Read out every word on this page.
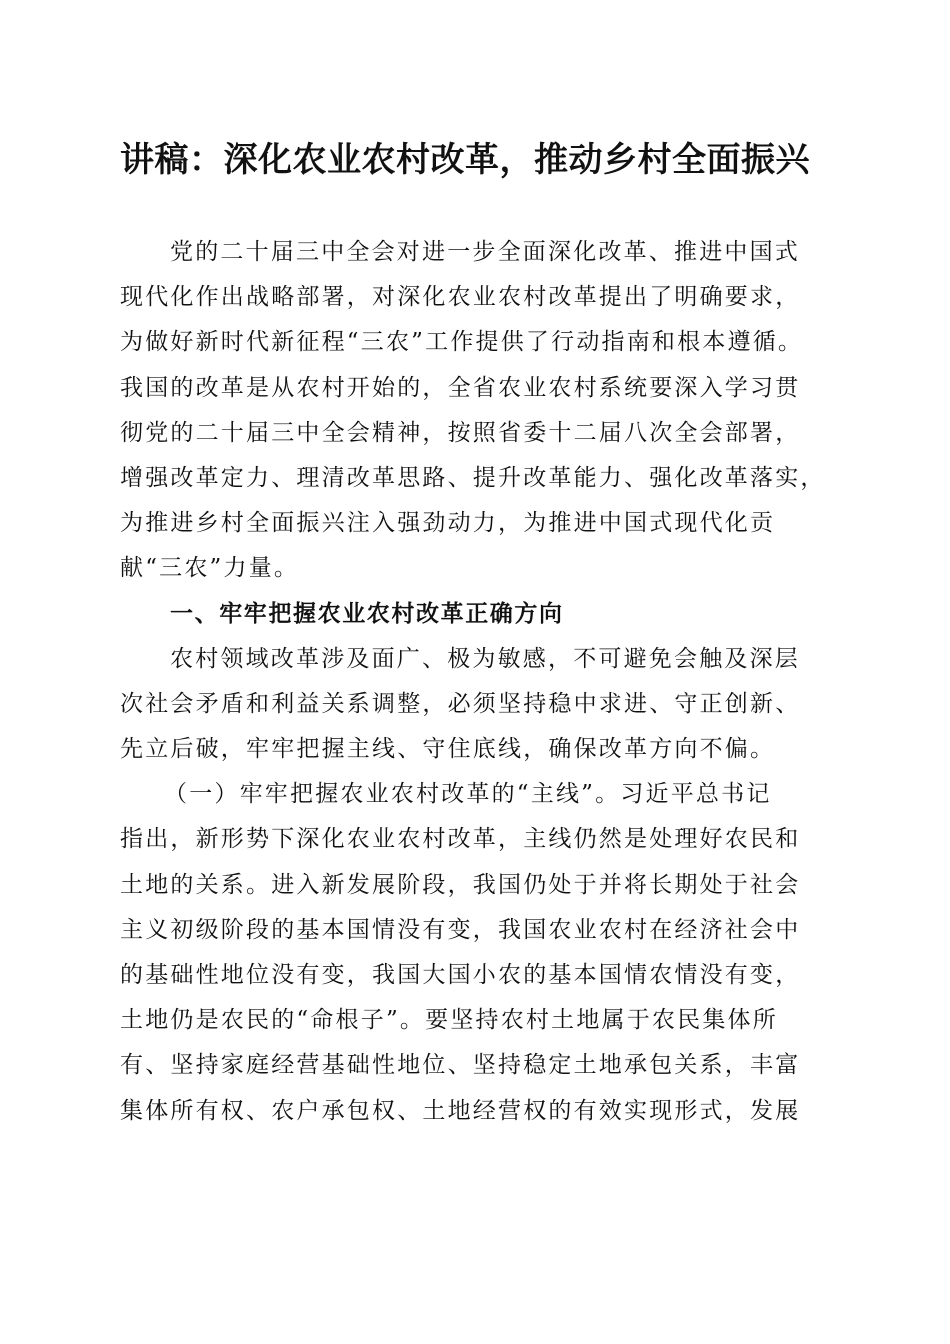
讲稿：深化农业农村改革，推动乡村全面振兴
党的二十届三中全会对进一步全面深化改革、推进中国式
现代化作出战略部署，对深化农业农村改革提出了明确要求，
为做好新时代新征程“三农”工作提供了行动指南和根本遵循。
我国的改革是从农村开始的，全省农业农村系统要深入学习贯
彻党的二十届三中全会精神，按照省委十二届八次全会部署，
增强改革定力、理清改革思路、提升改革能力、强化改革落实，
为推进乡村全面振兴注入强劲动力，为推进中国式现代化贡
献“三农”力量。
一、牢牢把握农业农村改革正确方向
农村领域改革涉及面广、极为敏感，不可避免会触及深层
次社会矛盾和利益关系调整，必须坚持稳中求进、守正创新、
先立后破，牢牢把握主线、守住底线，确保改革方向不偏。
（一）牢牢把握农业农村改革的“主线”。习近平总书记
指出，新形势下深化农业农村改革，主线仍然是处理好农民和
土地的关系。进入新发展阶段，我国仍处于并将长期处于社会
主义初级阶段的基本国情没有变，我国农业农村在经济社会中
的基础性地位没有变，我国大国小农的基本国情农情没有变，
土地仍是农民的“命根子”。要坚持农村土地属于农民集体所
有、坚持家庭经营基础性地位、坚持稳定土地承包关系，丰富
集体所有权、农户承包权、土地经营权的有效实现形式，发展
